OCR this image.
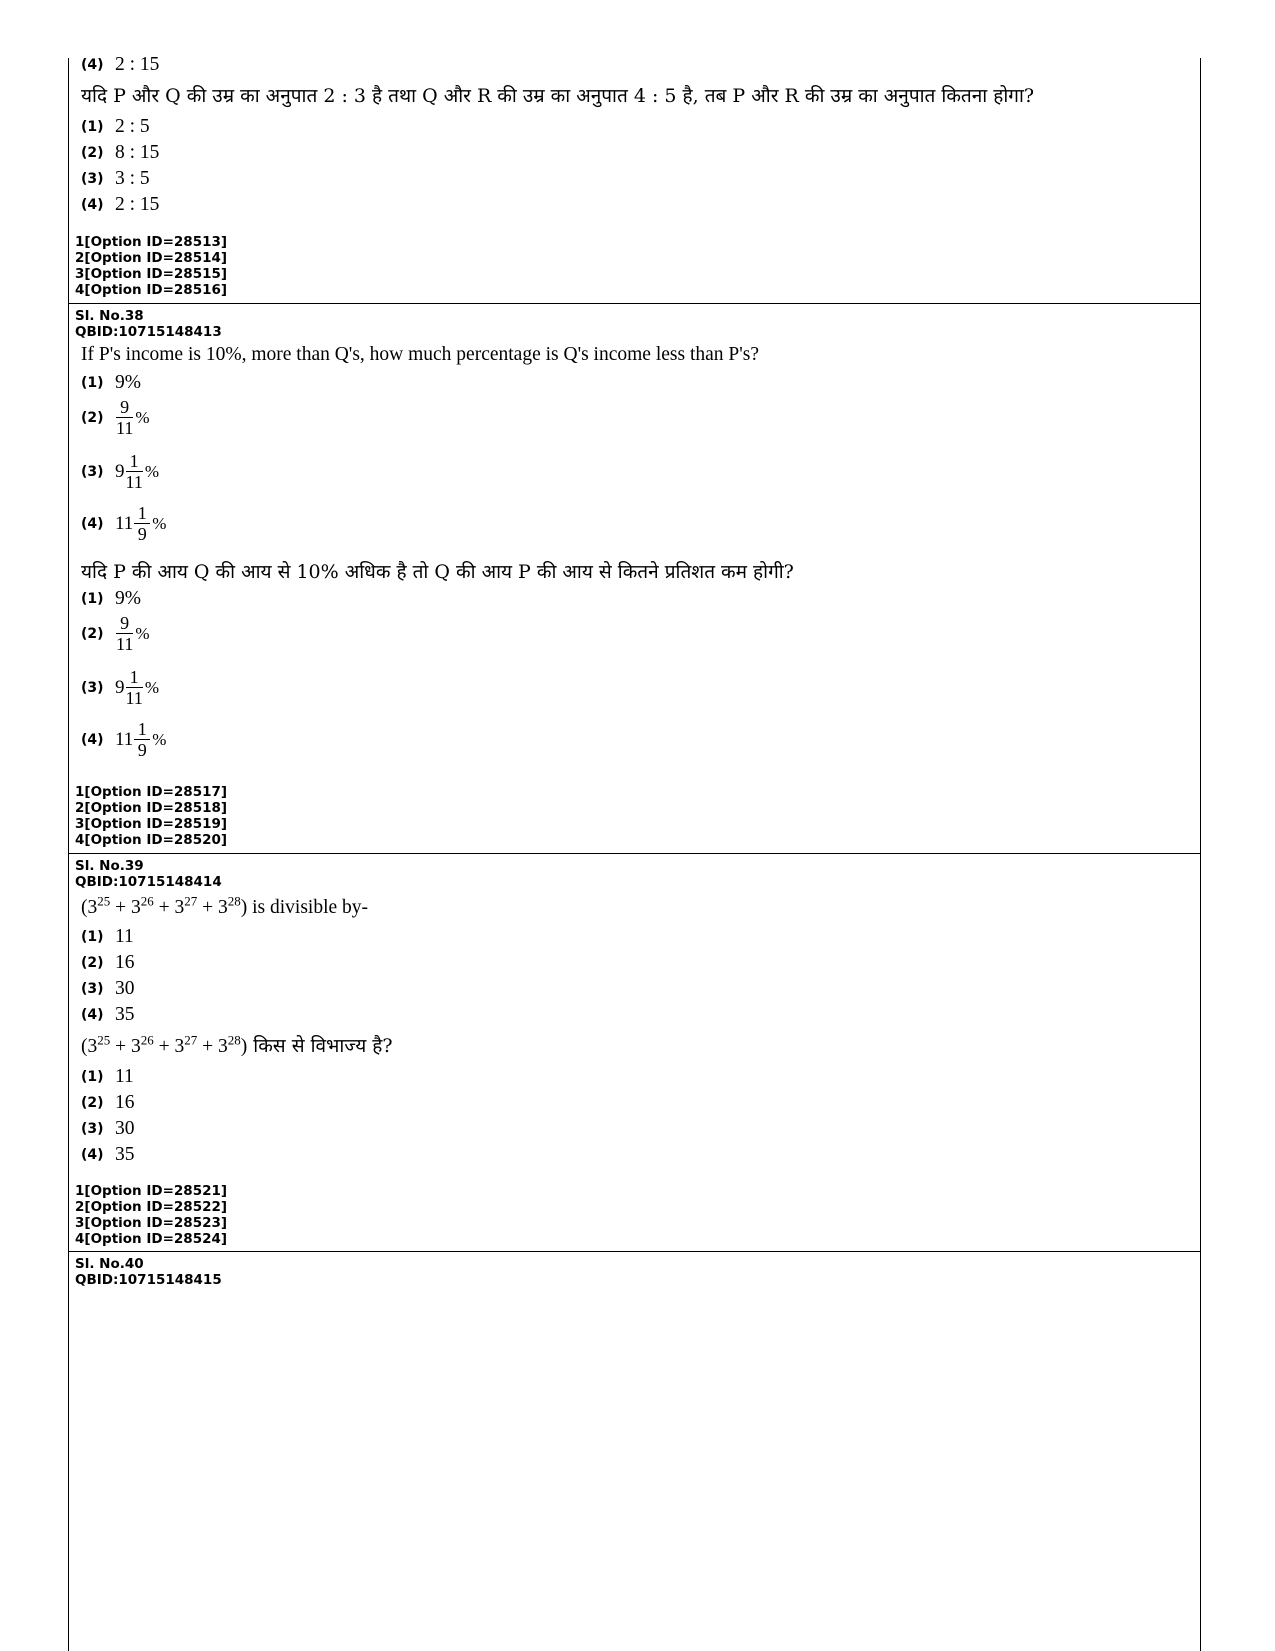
(4) 2 : 15
यदि P और Q की उम्र का अनुपात 2 : 3 है तथा Q और R की उम्र का अनुपात 4 : 5 है, तब P और R की उम्र का अनुपात कितना होगा?
(1) 2 : 5
(2) 8 : 15
(3) 3 : 5
(4) 2 : 15
1[Option ID=28513]
2[Option ID=28514]
3[Option ID=28515]
4[Option ID=28516]
Sl. No.38
QBID:10715148413
If P's income is 10%, more than Q's, how much percentage is Q's income less than P's?
(1) 9%
$(2) \frac{9}{11}$ %
(3) $9 \frac{1}{11}$ %
(4) $11 \frac{1}{9}$ %
यदि P की आय Q की आय से 10% अधिक है तो Q की आय P की आय से कितने प्रतिशत कम होगी?
(1) 9%
$(2) \frac{9}{11}$ %
(3) $9 \frac{1}{11}$ %
(4) $11 \frac{1}{9}$ %
1[Option ID=28517]
2[Option ID=28518]
3[Option ID=28519]
4[Option ID=28520]
Sl. No.39
QBID:10715148414
$(3^{25} + 3^{26} + 3^{27} + 3^{28})$ is divisible by-
(1) 11
(2) 16
(3) 30
(4) 35
$(3^{25} + 3^{26} + 3^{27} + 3^{28})$ किस से विभाज्य है?
(1) 11
(2) 16
(3) 30
(4) 35
1[Option ID=28521]
2[Option ID=28522]
3[Option ID=28523]
4[Option ID=28524]
Sl. No.40
QBID:10715148415
